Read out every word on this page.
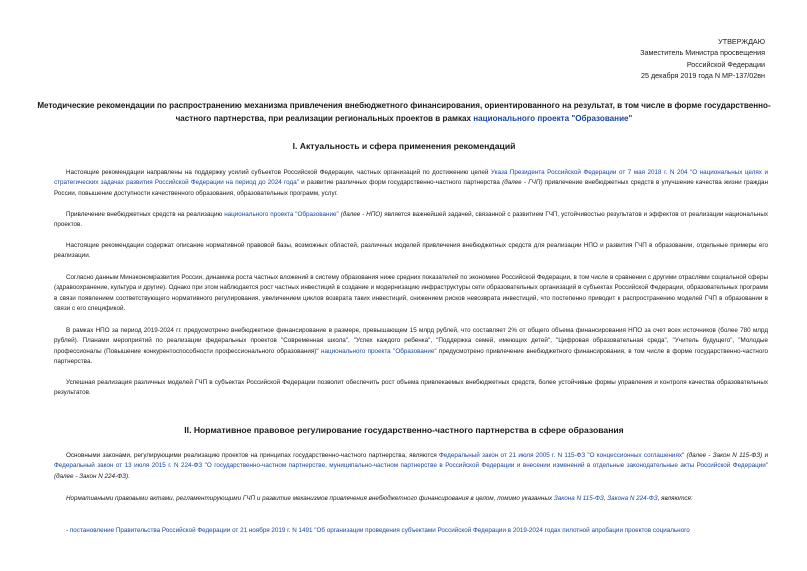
УТВЕРЖДАЮ
Заместитель Министра просвещения
Российской Федерации
25 декабря 2019 года N МР-137/02вн
Методические рекомендации по распространению механизма привлечения внебюджетного финансирования, ориентированного на результат, в том числе в форме государственно-частного партнерства, при реализации региональных проектов в рамках национального проекта "Образование"
I. Актуальность и сфера применения рекомендаций
Настоящие рекомендации направлены на поддержку усилий субъектов Российской Федерации, частных организаций по достижению целей Указа Президента Российской Федерации от 7 мая 2018 г. N 204 "О национальных целях и стратегических задачах развития Российской Федерации на период до 2024 года" и развитие различных форм государственно-частного партнерства (далее - ГЧП) привлечение внебюджетных средств в улучшение качества жизни граждан России, повышение доступности качественного образования, образовательных программ, услуг.
Привлечение внебюджетных средств на реализацию национального проекта "Образование" (далее - НПО) является важнейшей задачей, связанной с развитием ГЧП, устойчивостью результатов и эффектов от реализации национальных проектов.
Настоящие рекомендации содержат описание нормативной правовой базы, возможных областей, различных моделей привлечения внебюджетных средств для реализации НПО и развития ГЧП в образовании, отдельные примеры его реализации.
Согласно данным Минэкономразвития России, динамика роста частных вложений в систему образования ниже средних показателей по экономике Российской Федерации, в том числе в сравнении с другими отраслями социальной сферы (здравоохранение, культура и другие). Однако при этом наблюдается рост частных инвестиций в создание и модернизацию инфраструктуры сети образовательных организаций в субъектах Российской Федерации, образовательных программ в связи появлением соответствующего нормативного регулирования, увеличением циклов возврата таких инвестиций, снижением рисков невозврата инвестиций, что постепенно приводит к распространению моделей ГЧП в образовании в связи с его спецификой.
В рамках НПО за период 2019-2024 гг. предусмотрено внебюджетное финансирование в размере, превышающем 15 млрд рублей, что составляет 2% от общего объема финансирования НПО за счет всех источников (более 780 млрд рублей). Планами мероприятий по реализации федеральных проектов "Современная школа", "Успех каждого ребенка", "Поддержка семей, имеющих детей", "Цифровая образовательная среда", "Учитель будущего", "Молодые профессионалы (Повышение конкурентоспособности профессионального образования)" национального проекта "Образование" предусмотрено привлечение внебюджетного финансирования, в том числе в форме государственно-частного партнерства.
Успешная реализация различных моделей ГЧП в субъектах Российской Федерации позволит обеспечить рост объема привлекаемых внебюджетных средств, более устойчивые формы управления и контроля качества образовательных результатов.
II. Нормативное правовое регулирование государственно-частного партнерства в сфере образования
Основными законами, регулирующими реализацию проектов на принципах государственно-частного партнерства, являются Федеральный закон от 21 июля 2005 г. N 115-ФЗ "О концессионных соглашениях" (далее - Закон N 115-ФЗ) и Федеральный закон от 13 июля 2015 г. N 224-ФЗ "О государственно-частном партнерстве, муниципально-частном партнерстве в Российской Федерации и внесении изменений в отдельные законодательные акты Российской Федерации" (далее - Закон N 224-ФЗ).
Нормативными правовыми актами, регламентирующими ГЧП и развитие механизмов привлечения внебюджетного финансирования в целом, помимо указанных Закона N 115-ФЗ, Закона N 224-ФЗ, являются:
- постановление Правительства Российской Федерации от 21 ноября 2019 г. N 1491 "Об организации проведения субъектами Российской Федерации в 2019-2024 годах пилотной апробации проектов социального
